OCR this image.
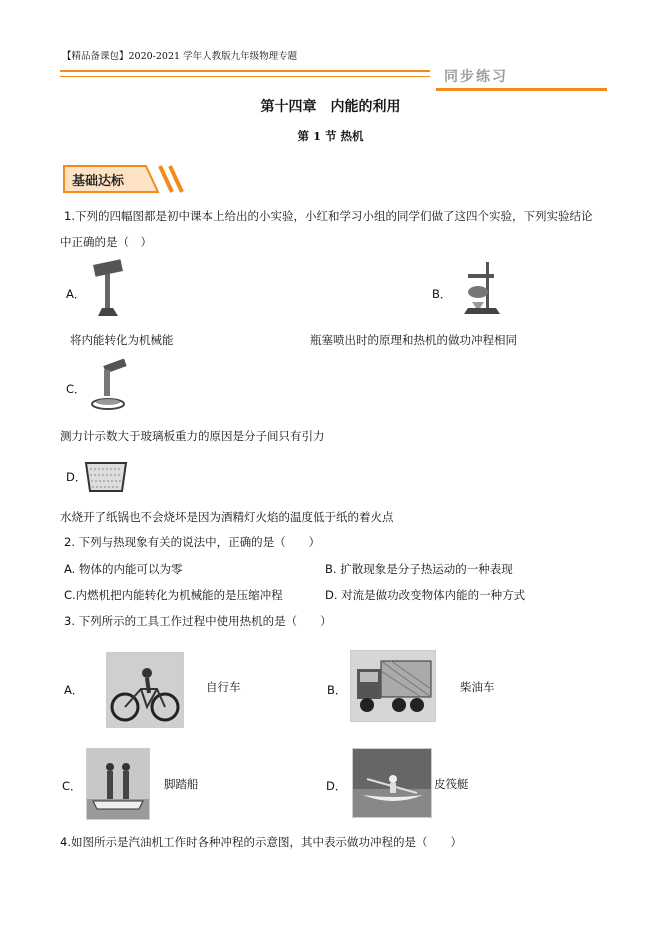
【精品备课包】2020-2021 学年人教版九年级物理专题
同步练习
第十四章　内能的利用
第 1 节 热机
基础达标
1.下列的四幅图都是初中课本上给出的小实验，小红和学习小组的同学们做了这四个实验，下列实验结论
中正确的是（　）
A．
将内能转化为机械能
B．
瓶塞喷出时的原理和热机的做功冲程相同
C．
测力计示数大于玻璃板重力的原因是分子间只有引力
D．
水烧开了纸锅也不会烧坏是因为酒精灯火焰的温度低于纸的着火点
2. 下列与热现象有关的说法中，正确的是（　　）
A. 物体的内能可以为零	B. 扩散现象是分子热运动的一种表现
C.内燃机把内能转化为机械能的是压缩冲程	D. 对流是做功改变物体内能的一种方式
3. 下列所示的工具工作过程中使用热机的是（　　）
A．	自行车	B．	柴油车
C．	脚踏船	D．	皮筏艇
4.如图所示是汽油机工作时各种冲程的示意图，其中表示做功冲程的是（　　）
